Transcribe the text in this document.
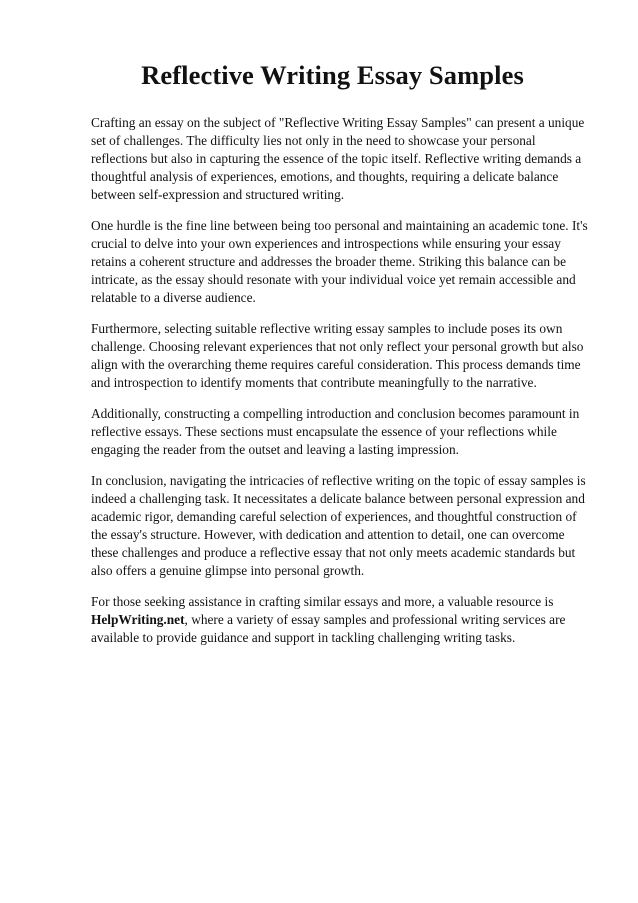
Reflective Writing Essay Samples

Crafting an essay on the subject of "Reflective Writing Essay Samples" can present a unique set of challenges. The difficulty lies not only in the need to showcase your personal reflections but also in capturing the essence of the topic itself. Reflective writing demands a thoughtful analysis of experiences, emotions, and thoughts, requiring a delicate balance between self-expression and structured writing.

One hurdle is the fine line between being too personal and maintaining an academic tone. It's crucial to delve into your own experiences and introspections while ensuring your essay retains a coherent structure and addresses the broader theme. Striking this balance can be intricate, as the essay should resonate with your individual voice yet remain accessible and relatable to a diverse audience.

Furthermore, selecting suitable reflective writing essay samples to include poses its own challenge. Choosing relevant experiences that not only reflect your personal growth but also align with the overarching theme requires careful consideration. This process demands time and introspection to identify moments that contribute meaningfully to the narrative.

Additionally, constructing a compelling introduction and conclusion becomes paramount in reflective essays. These sections must encapsulate the essence of your reflections while engaging the reader from the outset and leaving a lasting impression.

In conclusion, navigating the intricacies of reflective writing on the topic of essay samples is indeed a challenging task. It necessitates a delicate balance between personal expression and academic rigor, demanding careful selection of experiences, and thoughtful construction of the essay's structure. However, with dedication and attention to detail, one can overcome these challenges and produce a reflective essay that not only meets academic standards but also offers a genuine glimpse into personal growth.

For those seeking assistance in crafting similar essays and more, a valuable resource is HelpWriting.net, where a variety of essay samples and professional writing services are available to provide guidance and support in tackling challenging writing tasks.
